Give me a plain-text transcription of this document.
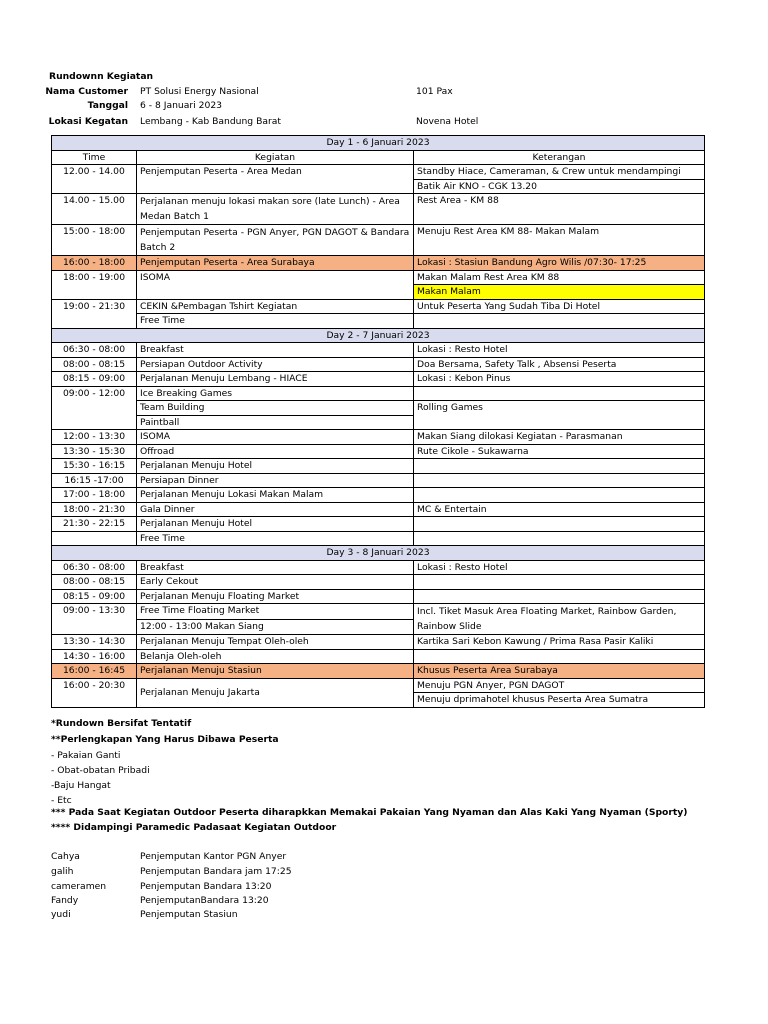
Rundownn Kegiatan
Nama Customer PT Solusi Energy Nasional	101 Pax
Tanggal 6 - 8 Januari 2023
Lokasi Kegatan Lembang - Kab Bandung Barat	Novena Hotel
Day 1 - 6 Januari 2023		
Time	Kegiatan	Keterangan
12.00 - 14.00	Penjemputan Peserta - Area Medan	Standby Hiace, Cameraman, & Crew untuk mendampingi
		Batik Air KNO - CGK 13.20
14.00 - 15.00	Perjalanan menuju lokasi makan sore (late Lunch) - Area Medan Batch 1	Rest Area - KM 88
15:00 - 18:00	Penjemputan Peserta - PGN Anyer, PGN DAGOT & Bandara Batch 2	Menuju Rest Area KM 88- Makan Malam
16:00 - 18:00	Penjemputan Peserta - Area Surabaya	Lokasi : Stasiun Bandung Agro Wilis /07:30- 17:25
18:00 - 19:00	ISOMA	Makan Malam Rest Area KM 88
		Makan Malam
19:00 - 21:30	CEKIN &Pembagan Tshirt Kegiatan	Untuk Peserta Yang Sudah Tiba Di Hotel
	Free Time	
Day 2 - 7 Januari 2023		
06:30 - 08:00	Breakfast	Lokasi : Resto Hotel
08:00 - 08:15	Persiapan Outdoor Activity	Doa Bersama, Safety Talk , Absensi Peserta
08:15 - 09:00	Perjalanan Menuju Lembang - HIACE	Lokasi : Kebon Pinus
09:00 - 12:00	Ice Breaking Games	
	Team Building	Rolling Games
	Paintball	
12:00 - 13:30	ISOMA	Makan Siang dilokasi Kegiatan - Parasmanan
13:30 - 15:30	Offroad	Rute Cikole - Sukawarna
15:30 - 16:15	Perjalanan Menuju Hotel	
16:15 -17:00	Persiapan Dinner	
17:00 - 18:00	Perjalanan Menuju Lokasi Makan Malam	
18:00 - 21:30	Gala Dinner	MC & Entertain
21:30 - 22:15	Perjalanan Menuju Hotel	
	Free Time	
Day 3 - 8 Januari 2023		
06:30 - 08:00	Breakfast	Lokasi : Resto Hotel
08:00 - 08:15	Early Cekout	
08:15 - 09:00	Perjalanan Menuju Floating Market	
09:00 - 13:30	Free Time Floating Market	Incl. Tiket Masuk Area Floating Market, Rainbow Garden, Rainbow Slide
	12:00 - 13:00 Makan Siang	
13:30 - 14:30	Perjalanan Menuju Tempat Oleh-oleh	Kartika Sari Kebon Kawung / Prima Rasa Pasir Kaliki
14:30 - 16:00	Belanja Oleh-oleh	
16:00 - 16:45	Perjalanan Menuju Stasiun	Khusus Peserta Area Surabaya
16:00 - 20:30	Perjalanan Menuju Jakarta	Menuju PGN Anyer, PGN DAGOT
		Menuju dprimahotel khusus Peserta Area Sumatra
*Rundown Bersifat Tentatif
**Perlengkapan Yang Harus Dibawa Peserta
- Pakaian Ganti
- Obat-obatan Pribadi
-Baju Hangat
- Etc
*** Pada Saat Kegiatan Outdoor Peserta diharapkkan Memakai Pakaian Yang Nyaman dan Alas Kaki Yang Nyaman (Sporty)
**** Didampingi Paramedic Padasaat Kegiatan Outdoor
Cahya	Penjemputan Kantor PGN Anyer
galih	Penjemputan Bandara jam 17:25
cameramen	Penjemputan Bandara 13:20
Fandy	PenjemputanBandara 13:20
yudi	Penjemputan Stasiun
